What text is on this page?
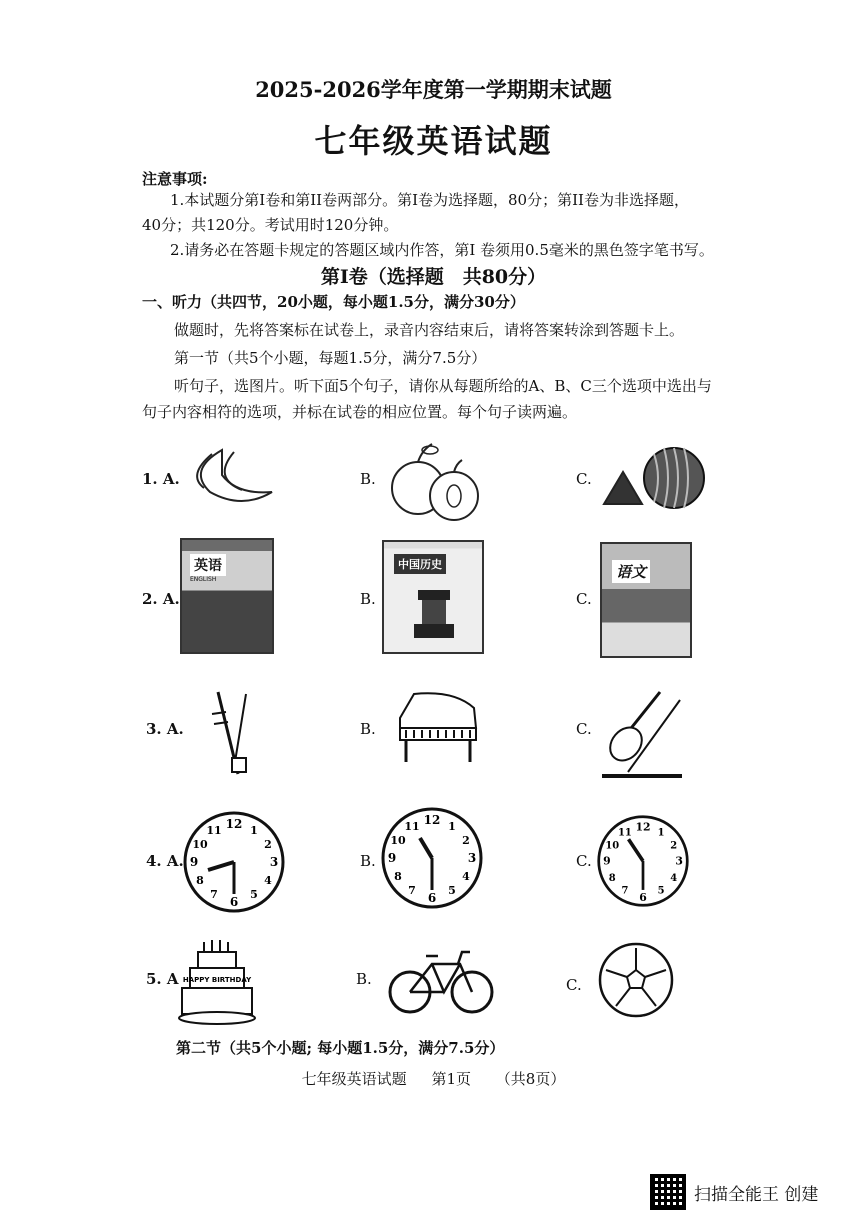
2025-2026学年度第一学期期末试题
七年级英语试题
注意事项:
1.本试题分第I卷和第II卷两部分。第I卷为选择题，80分；第II卷为非选择题，
40分；共120分。考试用时120分钟。
2.请务必在答题卡规定的答题区域内作答，第I 卷须用0.5毫米的黑色签字笔书写。
第I卷（选择题　共80分）
一、听力（共四节，20小题，每小题1.5分，满分30分）
做题时，先将答案标在试卷上，录音内容结束后，请将答案转涂到答题卡上。
第一节（共5个小题，每题1.5分，满分7.5分）
听句子，选图片。听下面5个句子，请你从每题所给的A、B、C三个选项中选出与
句子内容相符的选项，并标在试卷的相应位置。每个句子读两遍。
1. A.	B.	C.
2. A.
英语
ENGLISH
B.
中国历史
C.
语文
3. A.	B.	C.
4. A.
12 1
2
3
4
5
6
7
8
9
10
11
B.
12 1
2
3
4
5
6
7
8
9
10
11
C.
12 1
2
3
4
5
6
7
8
9
10
11
5. A HAPPY BIRTHDAY	B.	C.
第二节（共5个小题; 每小题1.5分，满分7.5分）
七年级英语试题 第1页 （共8页）
扫描全能王 创建
